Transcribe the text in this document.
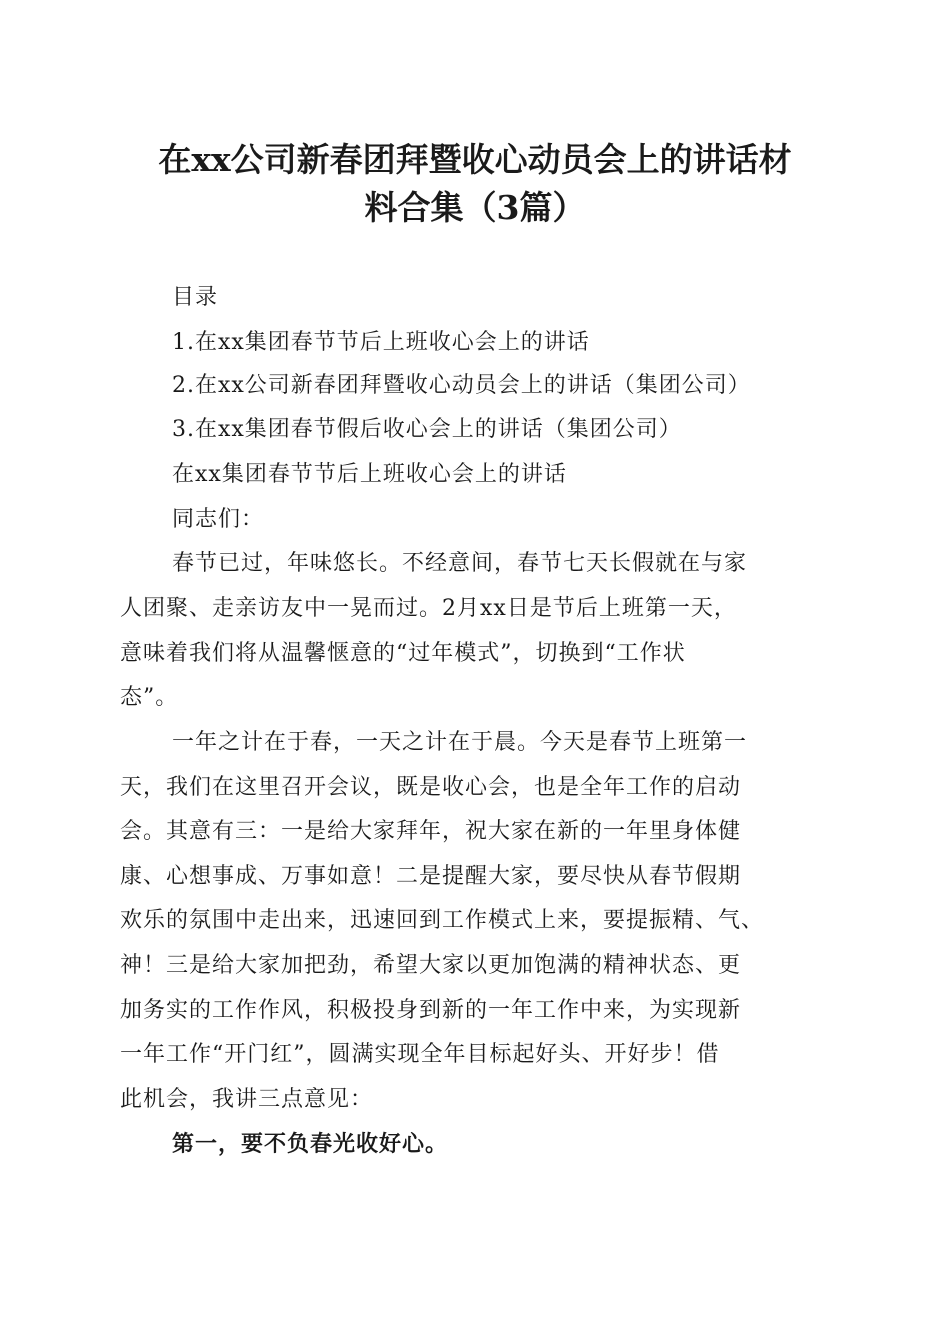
在xx公司新春团拜暨收心动员会上的讲话材
料合集（3篇）

目录

1.在xx集团春节节后上班收心会上的讲话

2.在xx公司新春团拜暨收心动员会上的讲话（集团公司）

3.在xx集团春节假后收心会上的讲话（集团公司）

在xx集团春节节后上班收心会上的讲话

同志们：

春节已过，年味悠长。不经意间，春节七天长假就在与家

人团聚、走亲访友中一晃而过。2月xx日是节后上班第一天，

意味着我们将从温馨惬意的“过年模式”，切换到“工作状

态”。

一年之计在于春，一天之计在于晨。今天是春节上班第一

天，我们在这里召开会议，既是收心会，也是全年工作的启动

会。其意有三：一是给大家拜年，祝大家在新的一年里身体健

康、心想事成、万事如意！二是提醒大家，要尽快从春节假期

欢乐的氛围中走出来，迅速回到工作模式上来，要提振精、气、

神！三是给大家加把劲，希望大家以更加饱满的精神状态、更

加务实的工作作风，积极投身到新的一年工作中来，为实现新

一年工作“开门红”，圆满实现全年目标起好头、开好步！借

此机会，我讲三点意见：

第一，要不负春光收好心。
